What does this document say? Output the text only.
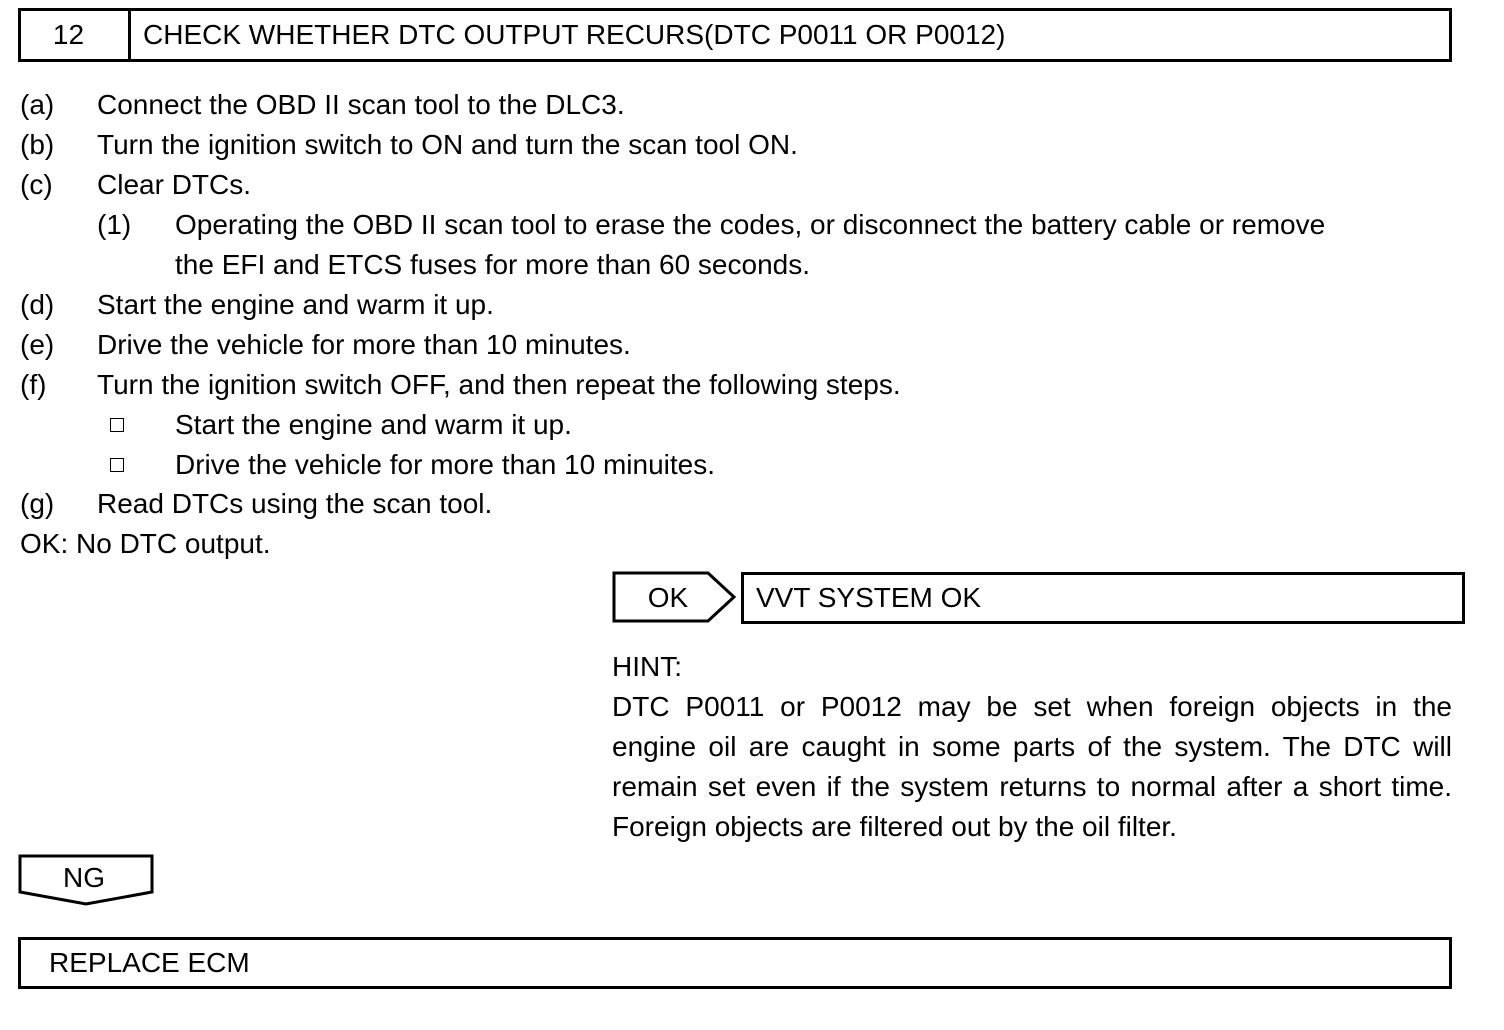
12	CHECK WHETHER DTC OUTPUT RECURS(DTC P0011 OR P0012)
(a) Connect the OBD II scan tool to the DLC3.
(b) Turn the ignition switch to ON and turn the scan tool ON.
(c) Clear DTCs.
(1) Operating the OBD II scan tool to erase the codes, or disconnect the battery cable or remove
the EFI and ETCS fuses for more than 60 seconds.
(d) Start the engine and warm it up.
(e) Drive the vehicle for more than 10 minutes.
(f) Turn the ignition switch OFF, and then repeat the following steps.
Start the engine and warm it up.
Drive the vehicle for more than 10 minuites.
(g) Read DTCs using the scan tool.
OK: No DTC output.
OK	VVT SYSTEM OK
HINT:
DTC P0011 or P0012 may be set when foreign objects in the engine oil are caught in some parts of the system. The DTC will remain set even if the system returns to normal after a short time. Foreign objects are filtered out by the oil filter.
NG
REPLACE ECM
